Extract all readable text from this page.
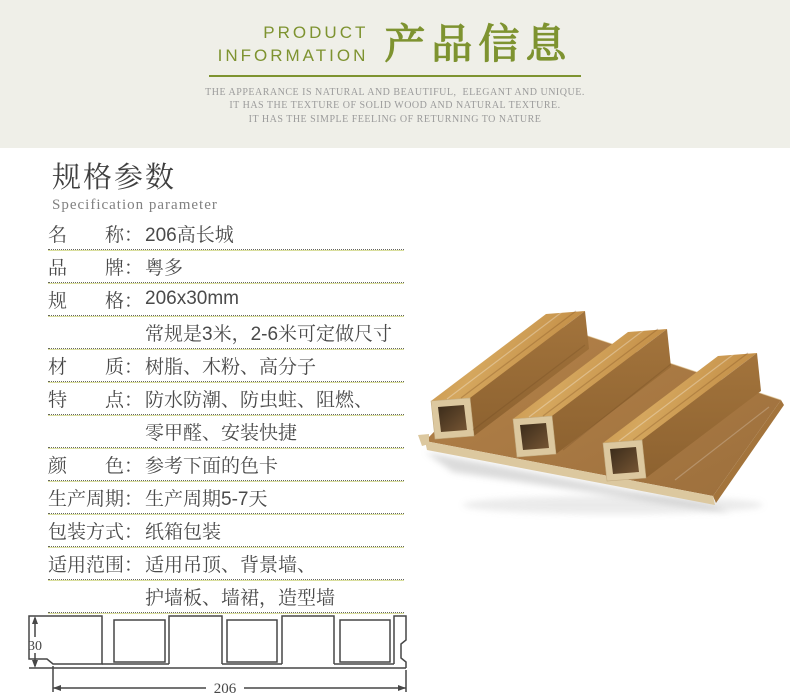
PRODUCT
INFORMATION 产品信息
THE APPEARANCE IS NATURAL AND BEAUTIFUL,  ELEGANT AND UNIQUE.
IT HAS THE TEXTURE OF SOLID WOOD AND NATURAL TEXTURE.
IT HAS THE SIMPLE FEELING OF RETURNING TO NATURE
规格参数
Specification parameter
名　　称： 206高长城
品　　牌： 粤多
规　　格： 206x30mm
常规是3米，2-6米可定做尺寸
材　　质： 树脂、木粉、高分子
特　　点： 防水防潮、防虫蛀、阻燃、
零甲醛、安装快捷
颜　　色： 参考下面的色卡
生产周期： 生产周期5-7天
包装方式： 纸箱包装
适用范围： 适用吊顶、背景墙、
护墙板、墙裙，造型墙
30
206
